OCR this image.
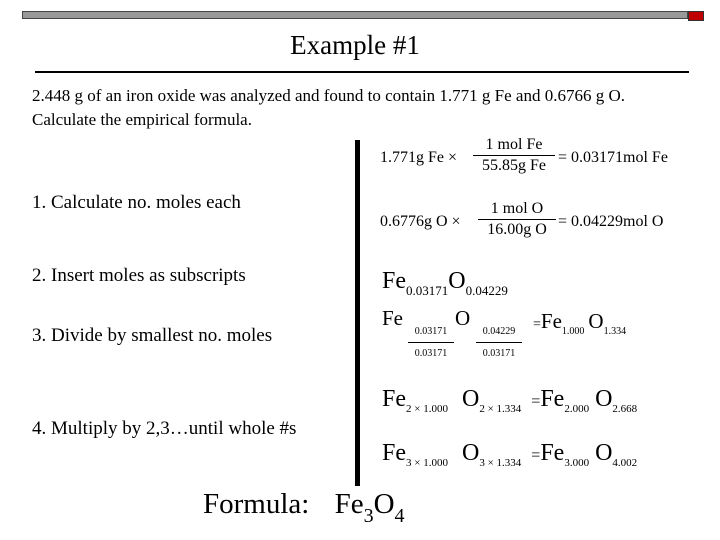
Example #1
2.448 g of an iron oxide was analyzed and found to contain 1.771 g Fe and 0.6766 g O. Calculate the empirical formula.
1. Calculate no. moles each
2. Insert moles as subscripts
3. Divide by smallest no. moles
4. Multiply by 2,3…until whole #s
1.771g Fe ×
1 mol Fe
55.85g Fe = 0.03171mol Fe
0.6776g O ×
1 mol O
16.00g O = 0.04229mol O
$Fe_{0.03171}O_{0.04229}$
Fe O
0.03171
0.03171
0.04229
0.03171
$=Fe_{1.000}$ $O_{1.334}$
$Fe_{2 \times 1.000}$ $O_{2 \times 1.334} =Fe_{2.000}$ $O_{2.668}$
$Fe_{3 \times 1.000}$ $O_{3 \times 1.334} =Fe_{3.000}$ $O_{4.002}$
Formula: $Fe_3O_4$
